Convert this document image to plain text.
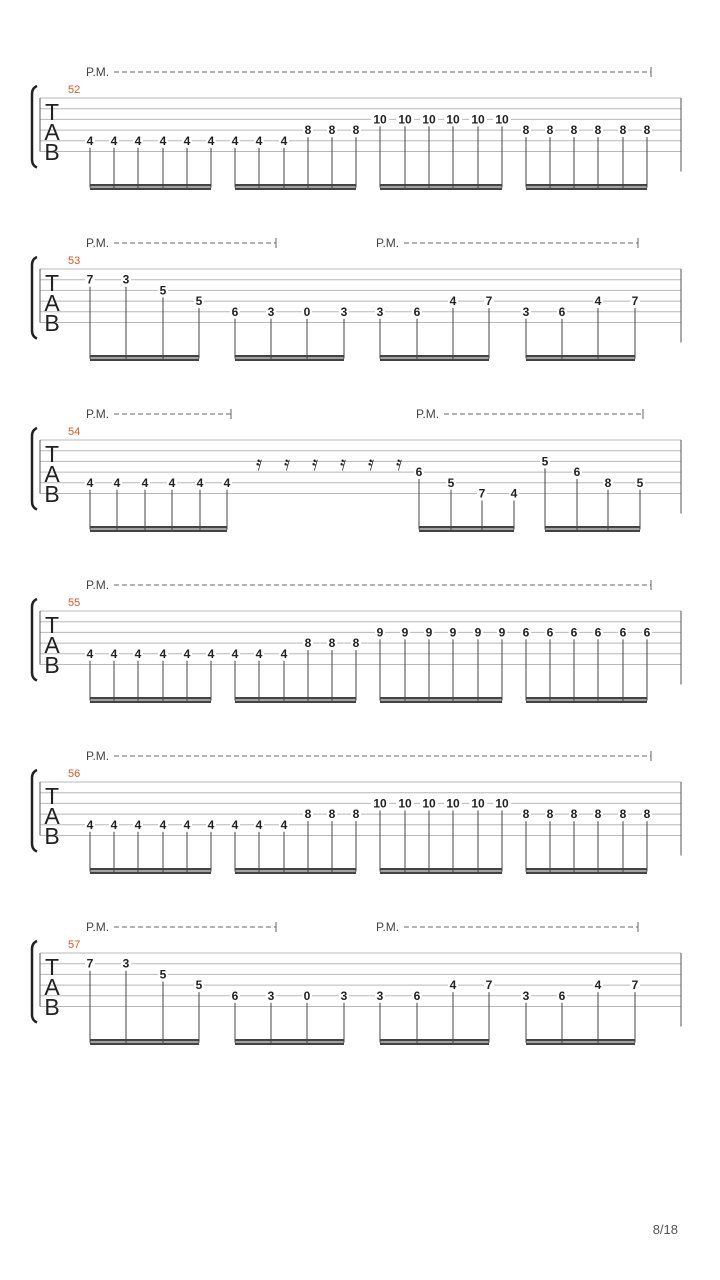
P.M.
52
T
A
B 4 4 4 4 4 4 4 4 4
8 8 8
10 10 10 10 10 10
8 8 8 8 8 8
P.M.	P.M.
53
T
A
B
7 3
5
5
6 3 0	3 3	6
4 7
3 6
4	7
P.M.	P.M.
54
T
A
B 4 4 4 4 4 4
𝄿 𝄿 𝄿 𝄿 𝄿 𝄿 6
5
7 4
5
6
8 5
P.M.
55
T
A
B 4 4 4 4 4 4 4 4 4
8 8 8
9 9 9 9 9 9 6 6 6 6 6 6
P.M.
56
T
A
B 4 4 4 4 4 4 4 4 4
8 8 8
10 10 10 10 10 10
8 8 8 8 8 8
P.M.	P.M.
57
T
A
B
7 3
5
5
6 3 0	3 3	6
4 7
3 6
4	7
8/18
